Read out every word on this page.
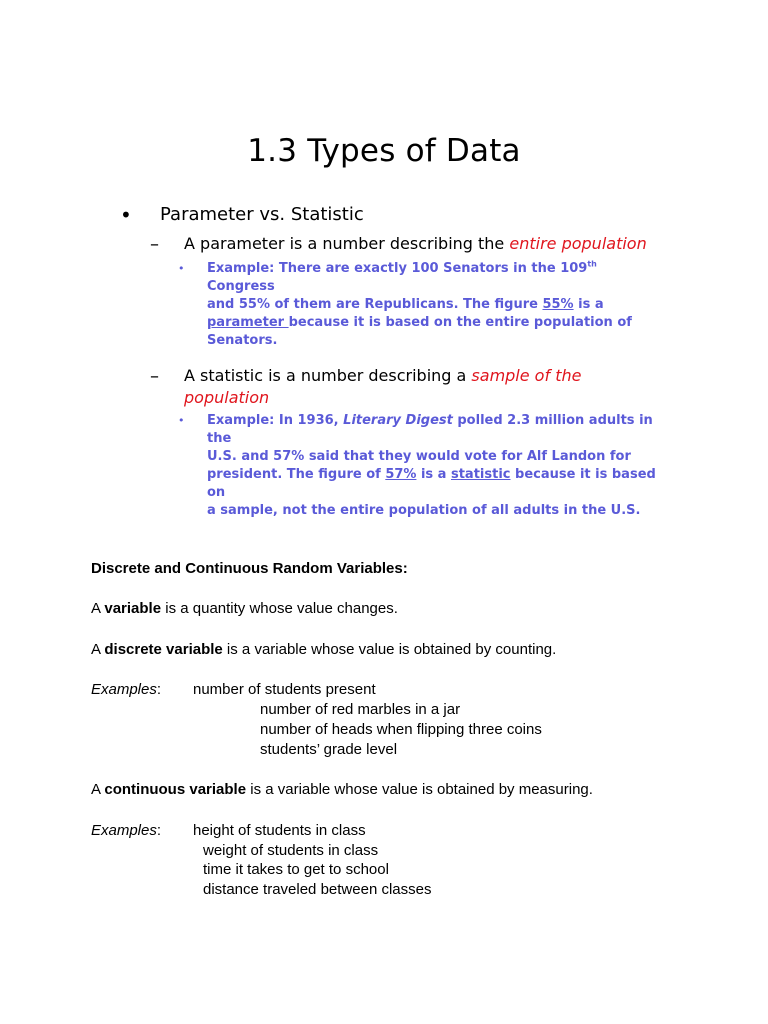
1.3 Types of Data
• Parameter vs. Statistic
– A parameter is a number describing the entire population
• Example: There are exactly 100 Senators in the 109th Congress
and 55% of them are Republicans. The figure 55% is a
parameter because it is based on the entire population of
Senators.
– A statistic is a number describing a sample of the
population
• Example: In 1936, Literary Digest polled 2.3 million adults in the
U.S. and 57% said that they would vote for Alf Landon for
president. The figure of 57% is a statistic because it is based on
a sample, not the entire population of all adults in the U.S.
Discrete and Continuous Random Variables:
A variable is a quantity whose value changes.
A discrete variable is a variable whose value is obtained by counting.
Examples: number of students present
number of red marbles in a jar
number of heads when flipping three coins
students’ grade level
A continuous variable is a variable whose value is obtained by measuring.
Examples: height of students in class
weight of students in class
time it takes to get to school
distance traveled between classes
